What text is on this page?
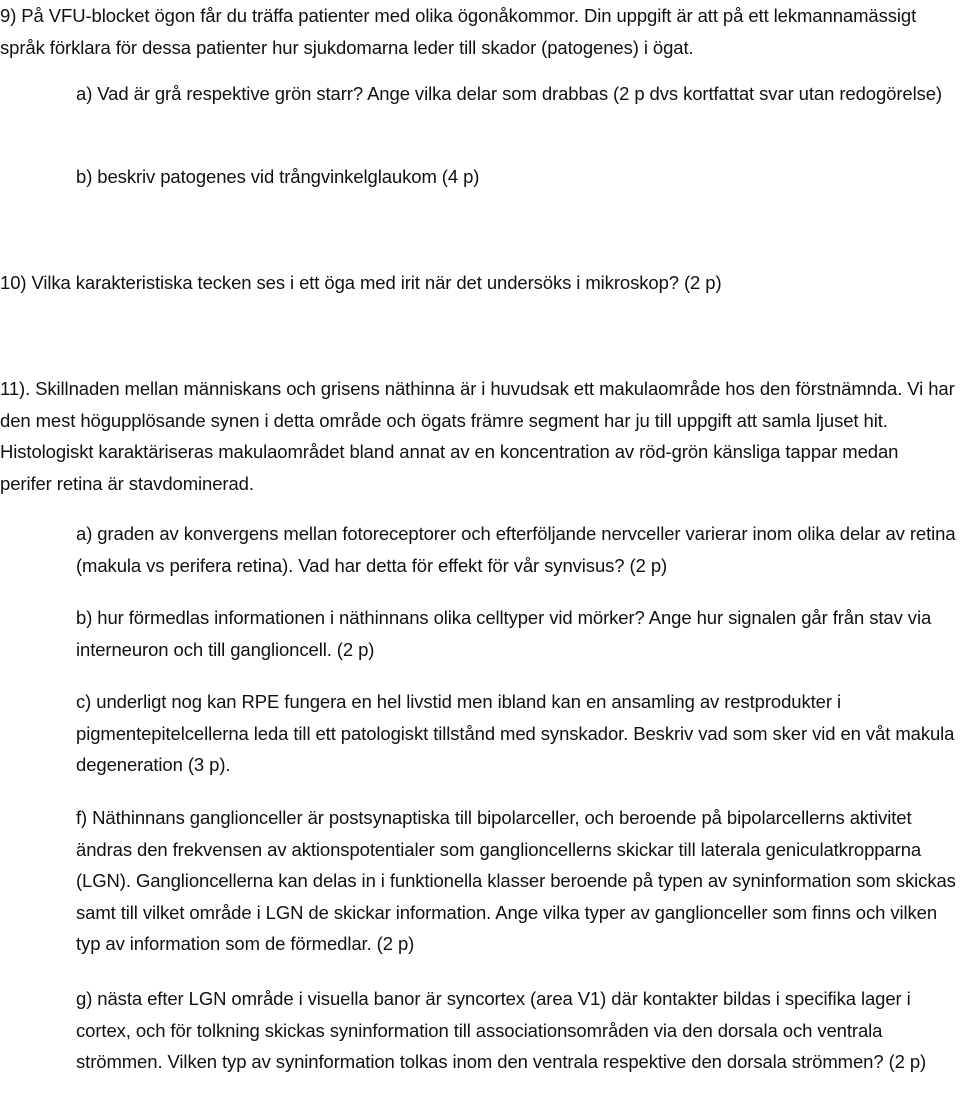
9) På VFU-blocket ögon får du träffa patienter med olika ögonåkommor. Din uppgift är att på ett lekmannamässigt språk förklara för dessa patienter hur sjukdomarna leder till skador (patogenes) i ögat.

a) Vad är grå respektive grön starr? Ange vilka delar som drabbas (2 p dvs kortfattat svar utan redogörelse)

b) beskriv patogenes vid trångvinkelglaukom (4 p)

10) Vilka karakteristiska tecken ses i ett öga med irit när det undersöks i mikroskop? (2 p)

11). Skillnaden mellan människans och grisens näthinna är i huvudsak ett makulaområde hos den förstnämnda. Vi har den mest högupplösande synen i detta område och ögats främre segment har ju till uppgift att samla ljuset hit. Histologiskt karaktäriseras makulaområdet bland annat av en koncentration av röd-grön känsliga tappar medan perifer retina är stavdominerad.

a) graden av konvergens mellan fotoreceptorer och efterföljande nervceller varierar inom olika delar av retina (makula vs perifera retina). Vad har detta för effekt för vår synvisus? (2 p)

b) hur förmedlas informationen i näthinnans olika celltyper vid mörker? Ange hur signalen går från stav via interneuron och till ganglioncell. (2 p)

c) underligt nog kan RPE fungera en hel livstid men ibland kan en ansamling av restprodukter i pigmentepitelcellerna leda till ett patologiskt tillstånd med synskador. Beskriv vad som sker vid en våt makula degeneration (3 p).

f) Näthinnans ganglionceller är postsynaptiska till bipolarceller, och beroende på bipolarcellerns aktivitet ändras den frekvensen av aktionspotentialer som ganglioncellerns skickar till laterala geniculatkropparna (LGN). Ganglioncellerna kan delas in i funktionella klasser beroende på typen av syninformation som skickas samt till vilket område i LGN de skickar information. Ange vilka typer av ganglionceller som finns och vilken typ av information som de förmedlar. (2 p)

g) nästa efter LGN område i visuella banor är syncortex (area V1) där kontakter bildas i specifika lager i cortex, och för tolkning skickas syninformation till associationsområden via den dorsala och ventrala strömmen. Vilken typ av syninformation tolkas inom den ventrala respektive den dorsala strömmen? (2 p)
